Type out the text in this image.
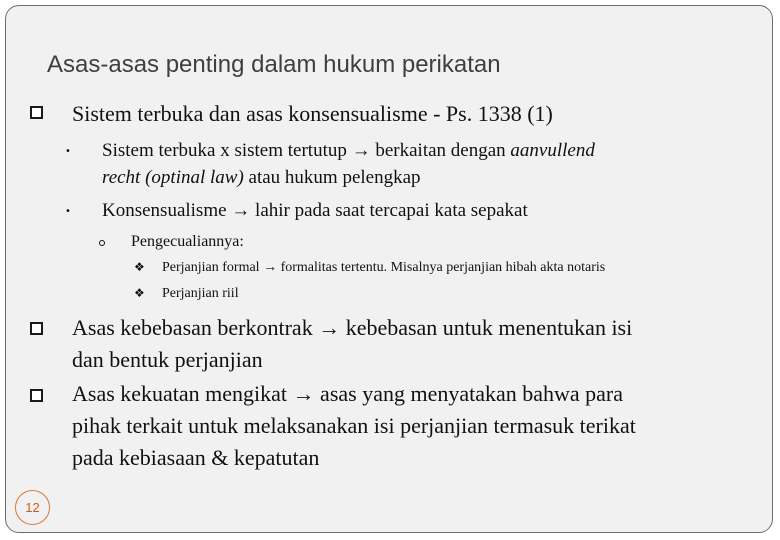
Asas-asas penting dalam hukum perikatan
Sistem terbuka dan asas konsensualisme - Ps. 1338 (1)
• Sistem terbuka x sistem tertutup → berkaitan dengan aanvullend
recht (optinal law) atau hukum pelengkap
• Konsensualisme → lahir pada saat tercapai kata sepakat
Pengecualiannya:
❖ Perjanjian formal → formalitas tertentu. Misalnya perjanjian hibah akta notaris
❖ Perjanjian riil
Asas kebebasan berkontrak → kebebasan untuk menentukan isi
dan bentuk perjanjian
Asas kekuatan mengikat → asas yang menyatakan bahwa para
pihak terkait untuk melaksanakan isi perjanjian termasuk terikat
pada kebiasaan & kepatutan
12
